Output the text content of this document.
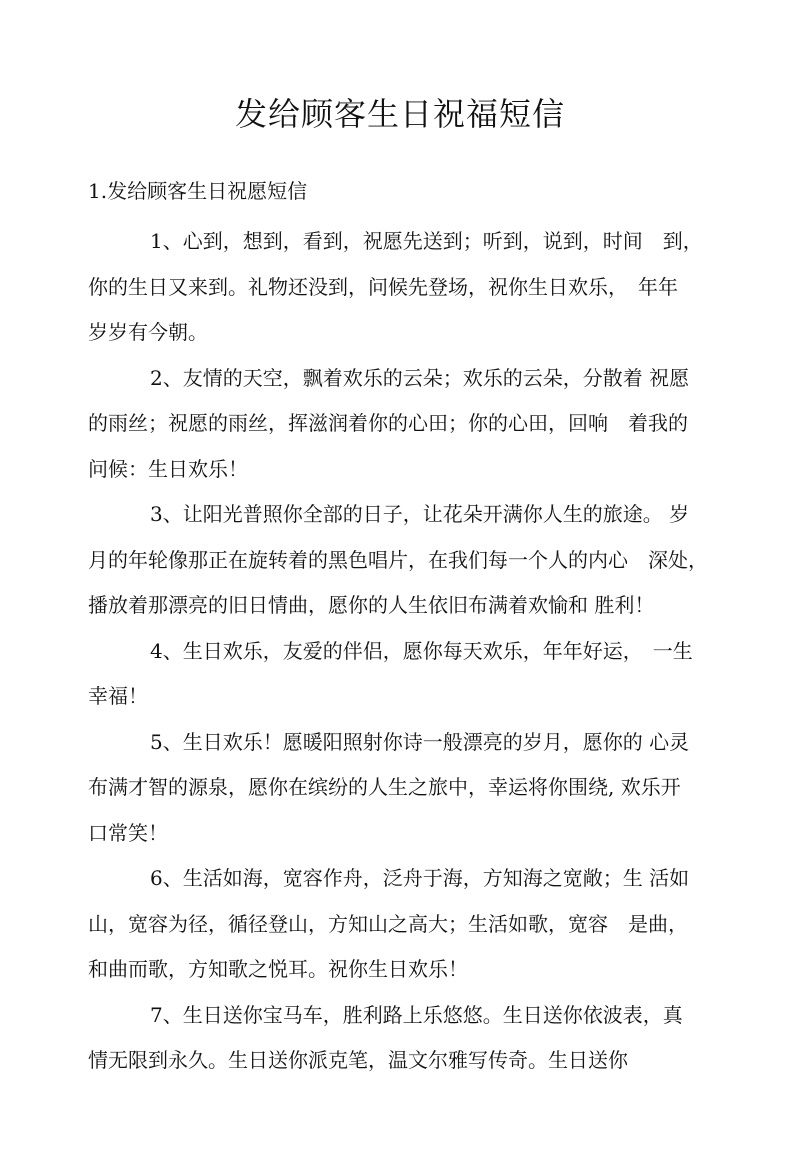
发给顾客生日祝福短信
1.发给顾客生日祝愿短信
1、心到，想到，看到，祝愿先送到；听到，说到，时间　到，
你的生日又来到。礼物还没到，问候先登场，祝你生日欢乐，　年年
岁岁有今朝。
2、友情的天空，飘着欢乐的云朵；欢乐的云朵，分散着 祝愿
的雨丝；祝愿的雨丝，挥滋润着你的心田；你的心田，回响　着我的
问候：生日欢乐！
3、让阳光普照你全部的日子，让花朵开满你人生的旅途。 岁
月的年轮像那正在旋转着的黑色唱片，在我们每一个人的内心　深处，
播放着那漂亮的旧日情曲，愿你的人生依旧布满着欢愉和 胜利！
4、生日欢乐，友爱的伴侣，愿你每天欢乐，年年好运，　一生
幸福！
5、生日欢乐！愿暖阳照射你诗一般漂亮的岁月，愿你的 心灵
布满才智的源泉，愿你在缤纷的人生之旅中，幸运将你围绕, 欢乐开
口常笑！
6、生活如海，宽容作舟，泛舟于海，方知海之宽敞；生 活如
山，宽容为径，循径登山，方知山之高大；生活如歌，宽容　是曲，
和曲而歌，方知歌之悦耳。祝你生日欢乐！
7、生日送你宝马车，胜利路上乐悠悠。生日送你依波表，真
情无限到永久。生日送你派克笔，温文尔雅写传奇。生日送你
